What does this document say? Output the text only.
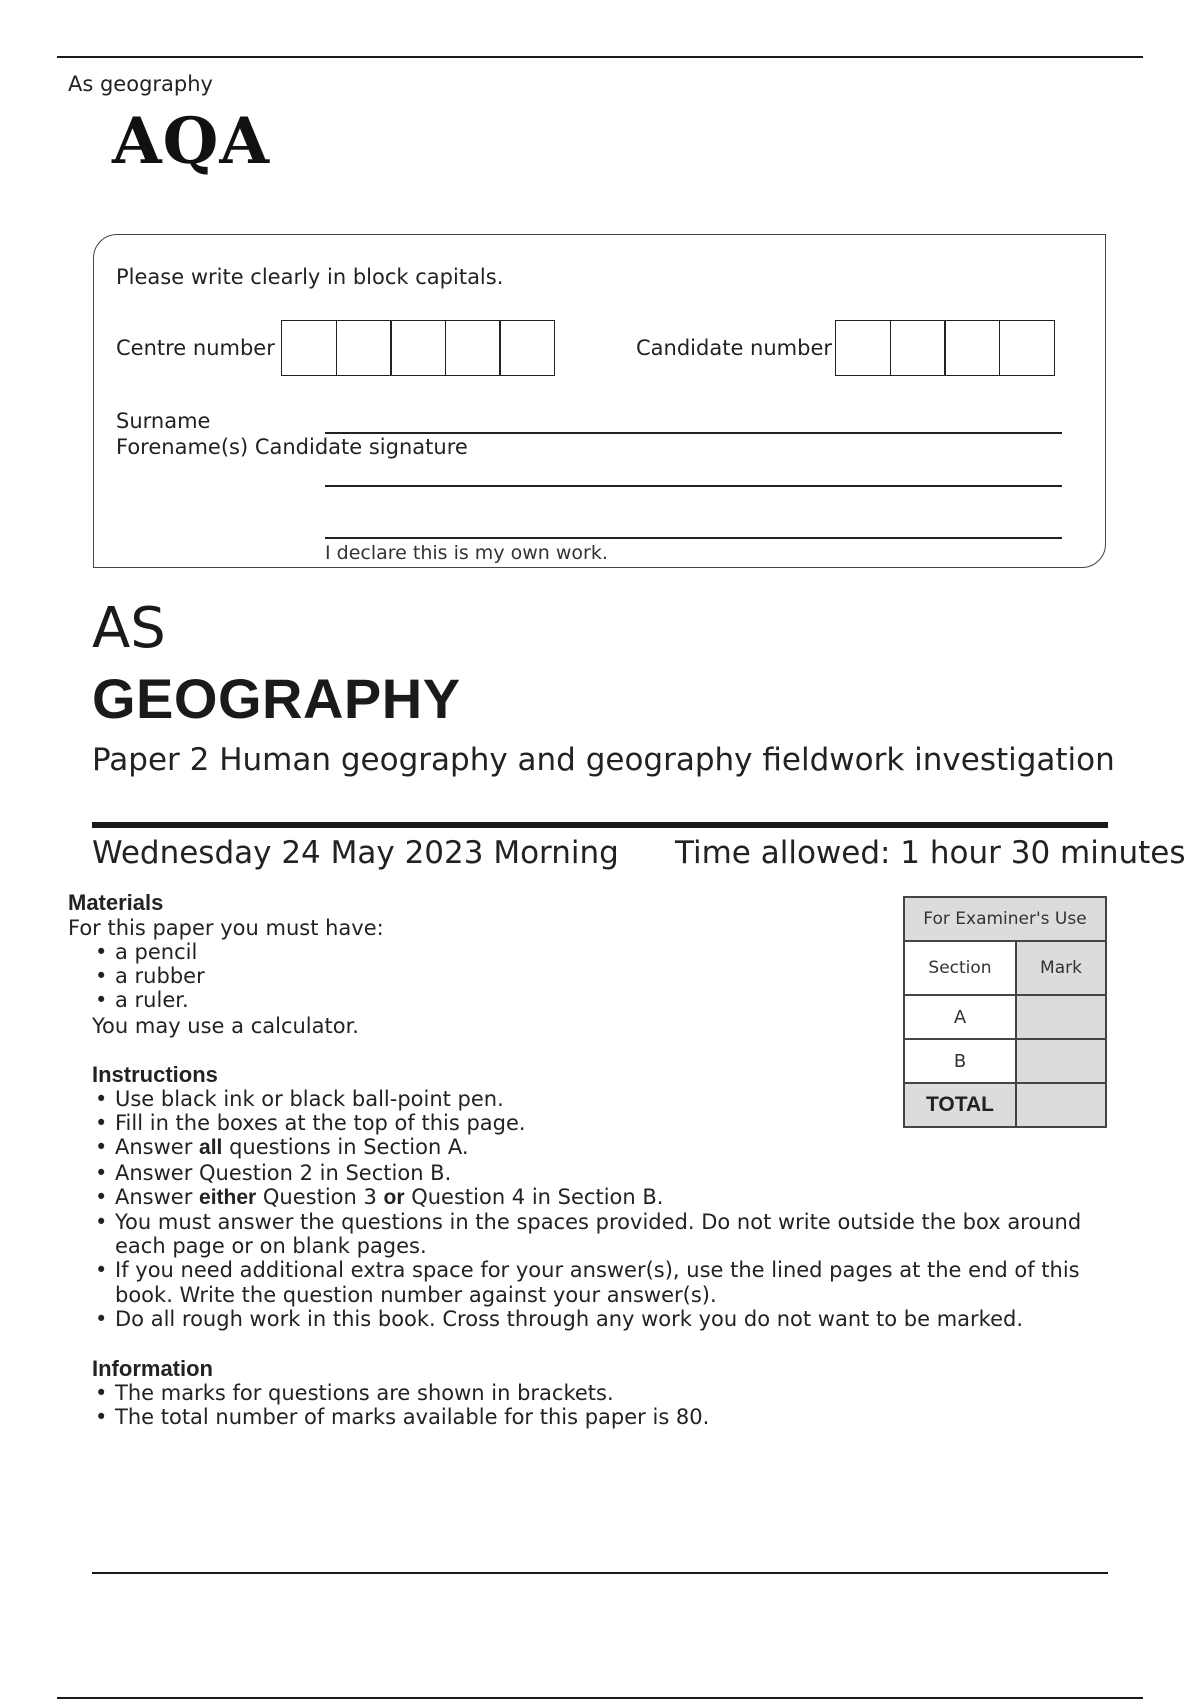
As geography
AQA
Please write clearly in block capitals.
Centre number	Candidate number
Surname
Forename(s) Candidate signature
I declare this is my own work.
AS
GEOGRAPHY
Paper 2 Human geography and geography fieldwork investigation
Wednesday 24 May 2023 Morning Time allowed: 1 hour 30 minutes
Materials
For this paper you must have:
• a pencil
• a rubber
• a ruler.
You may use a calculator.
Instructions
• Use black ink or black ball-point pen.
• Fill in the boxes at the top of this page.
• Answer all questions in Section A.
• Answer Question 2 in Section B.
• Answer either Question 3 or Question 4 in Section B.
• You must answer the questions in the spaces provided. Do not write outside the box around each page or on blank pages.
• If you need additional extra space for your answer(s), use the lined pages at the end of this book. Write the question number against your answer(s).
• Do all rough work in this book. Cross through any work you do not want to be marked.
Information
• The marks for questions are shown in brackets.
• The total number of marks available for this paper is 80.
For Examiner's Use	
Section	Mark
A	
B	
TOTAL	
